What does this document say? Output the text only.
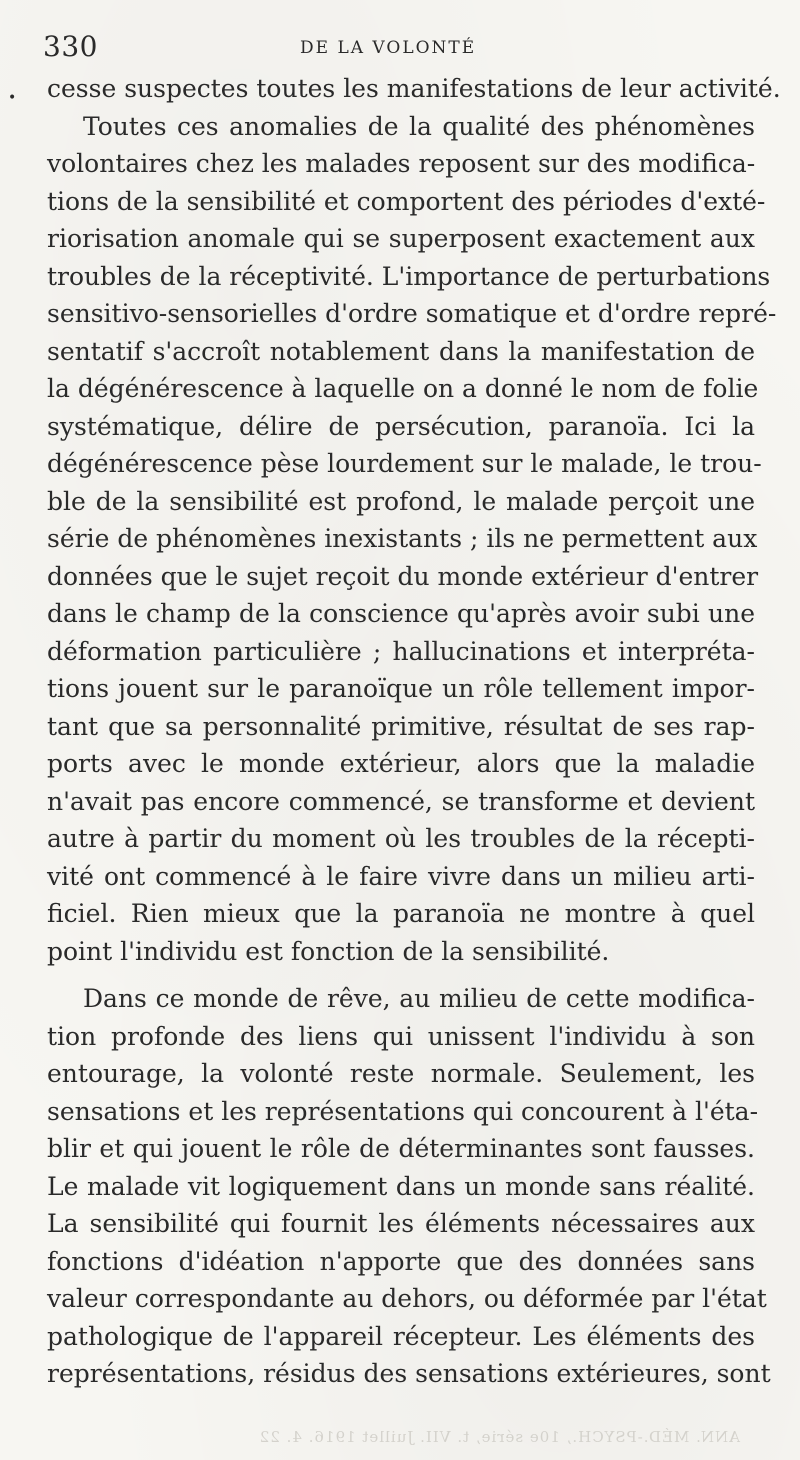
330	DE LA VOLONTÉ
• cesse suspectes toutes les manifestations de leur activité.
Toutes ces anomalies de la qualité des phénomènes
volontaires chez les malades reposent sur des modifica-
tions de la sensibilité et comportent des périodes d'exté-
riorisation anomale qui se superposent exactement aux
troubles de la réceptivité. L'importance de perturbations
sensitivo-sensorielles d'ordre somatique et d'ordre repré-
sentatif s'accroît notablement dans la manifestation de
la dégénérescence à laquelle on a donné le nom de folie
systématique, délire de persécution, paranoïa. Ici la
dégénérescence pèse lourdement sur le malade, le trou-
ble de la sensibilité est profond, le malade perçoit une
série de phénomènes inexistants ; ils ne permettent aux
données que le sujet reçoit du monde extérieur d'entrer
dans le champ de la conscience qu'après avoir subi une
déformation particulière ; hallucinations et interpréta-
tions jouent sur le paranoïque un rôle tellement impor-
tant que sa personnalité primitive, résultat de ses rap-
ports avec le monde extérieur, alors que la maladie
n'avait pas encore commencé, se transforme et devient
autre à partir du moment où les troubles de la récepti-
vité ont commencé à le faire vivre dans un milieu arti-
ficiel. Rien mieux que la paranoïa ne montre à quel
point l'individu est fonction de la sensibilité.
Dans ce monde de rêve, au milieu de cette modifica-
tion profonde des liens qui unissent l'individu à son
entourage, la volonté reste normale. Seulement, les
sensations et les représentations qui concourent à l'éta-
blir et qui jouent le rôle de déterminantes sont fausses.
Le malade vit logiquement dans un monde sans réalité.
La sensibilité qui fournit les éléments nécessaires aux
fonctions d'idéation n'apporte que des données sans
valeur correspondante au dehors, ou déformée par l'état
pathologique de l'appareil récepteur. Les éléments des
représentations, résidus des sensations extérieures, sont
ANN. MÉD.-PSYCH., 10e série, t. VII. Juillet 1916. 4. 22
